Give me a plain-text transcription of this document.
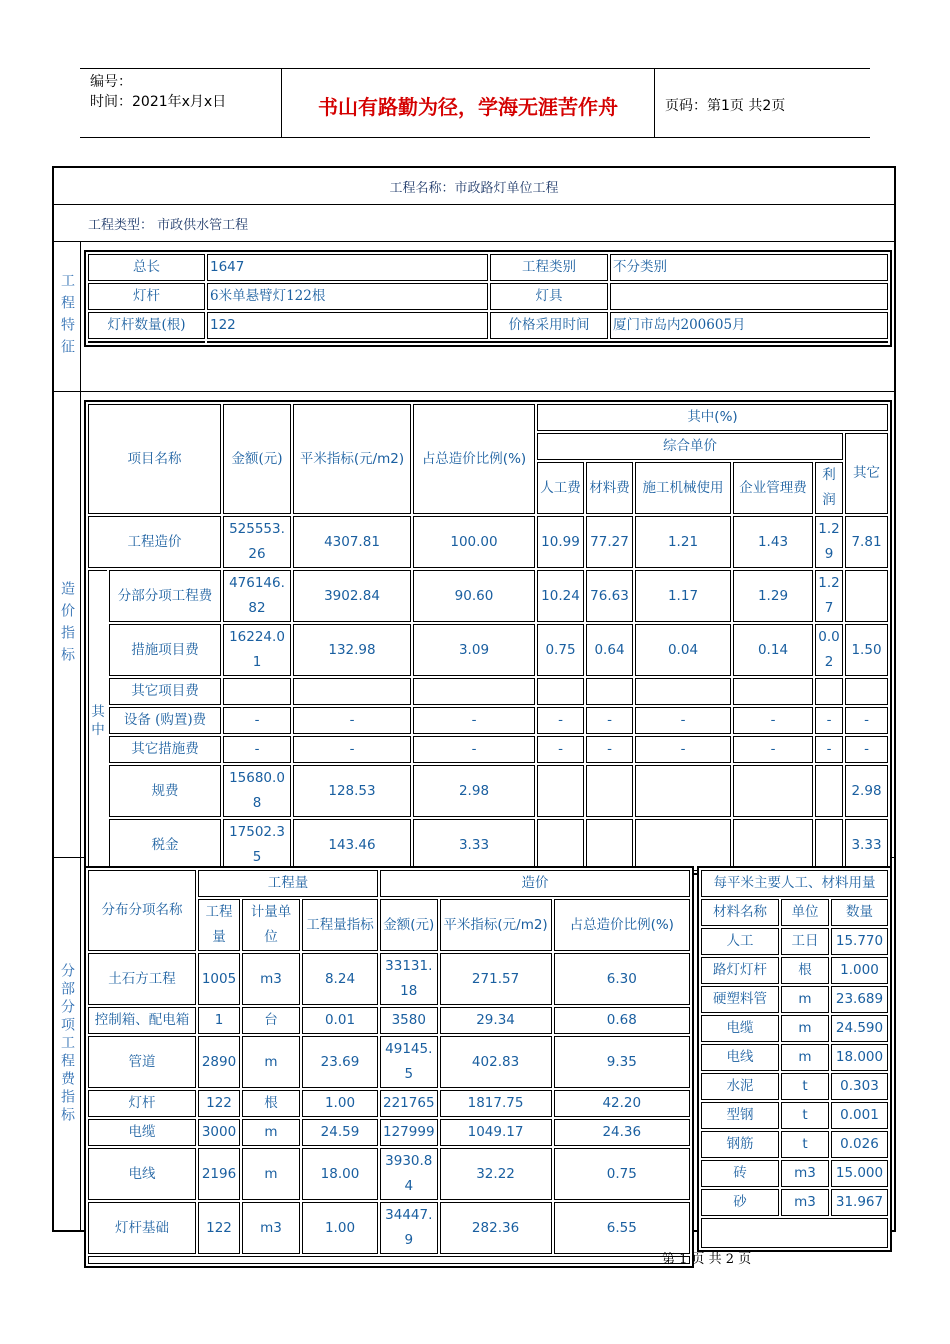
编号：
时间：2021年x月x日	书山有路勤为径，学海无涯苦作舟	页码：第1页 共2页
工程名称：市政路灯单位工程
工程类型： 市政供水管工程
工程特征
总长	1647	工程类别	不分类别
灯杆	6米单悬臂灯122根	灯具	
灯杆数量(根)	122	价格采用时间	厦门市岛内200605月

造价指标
项目名称		金额(元)	平米指标(元/m2)	占总造价比例(%)	其中(%)					
					综合单价					其它
					人工费	材料费	施工机械使用	企业管理费	利润	
工程造价		525553.26	4307.81	100.00	10.99	77.27	1.21	1.43	1.29	7.81

其中	分部分项工程费	476146.82	3902.84	90.60	10.24	76.63	1.17	1.29	1.27	
	措施项目费	16224.01	132.98	3.09	0.75	0.64	0.04	0.14	0.02	1.50
	其它项目费									
	设备 (购置)费	-	-	-	-	-	-	-	-	-
	其它措施费	-	-	-	-	-	-	-	-	-
	规费	15680.08	128.53	2.98						2.98
	税金	17502.35	143.46	3.33						3.33
分部分项工程费指标
分布分项名称	工程量			造价		
	工程量	计量单位	工程量指标	金额(元)	平米指标(元/m2)	占总造价比例(%)
土石方工程	1005	m3	8.24	33131.18	271.57	6.30
控制箱、配电箱	1	台	0.01	3580	29.34	0.68
管道	2890	m	23.69	49145.5	402.83	9.35
灯杆	122	根	1.00	221765	1817.75	42.20
电缆	3000	m	24.59	127999	1049.17	24.36
电线	2196	m	18.00	3930.84	32.22	0.75
灯杆基础	122	m3	1.00	34447.9	282.36	6.55

每平米主要人工、材料用量		
材料名称	单位	数量
人工	工日	15.770
路灯灯杆	根	1.000
硬塑料管	m	23.689
电缆	m	24.590
电线	m	18.000
水泥	t	0.303
型钢	t	0.001
钢筋	t	0.026
砖	m3	15.000
砂	m3	31.967

第 1 页 共 2 页
